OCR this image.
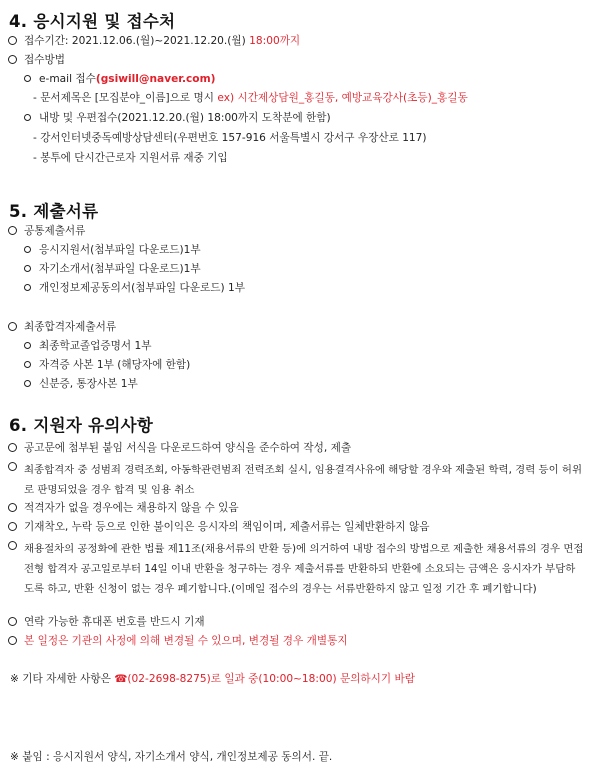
4. 응시지원 및 접수처
접수기간: 2021.12.06.(월)~2021.12.20.(월) 18:00까지
접수방법
e-mail 접수(gsiwill@naver.com)
- 문서제목은 [모집분야_이름]으로 명시 ex) 시간제상담원_홍길동, 예방교육강사(초등)_홍길동
내방 및 우편접수(2021.12.20.(월) 18:00까지 도착분에 한함)
- 강서인터넷중독예방상담센터(우편번호 157-916 서울특별시 강서구 우장산로 117)
- 봉투에 단시간근로자 지원서류 재중 기입
5. 제출서류
공통제출서류
응시지원서(첨부파일 다운로드)1부
자기소개서(첨부파일 다운로드)1부
개인정보제공동의서(첨부파일 다운로드) 1부
최종합격자제출서류
최종학교졸업증명서 1부
자격증 사본 1부 (해당자에 한함)
신분증, 통장사본 1부
6. 지원자 유의사항
공고문에 첨부된 붙임 서식을 다운로드하여 양식을 준수하여 작성, 제출
최종합격자 중 성범죄 경력조회, 아동학관련범죄 전력조회 실시, 임용결격사유에 해당할 경우와 제출된 학력, 경력 등이 허위로 판명되었을 경우 합격 및 임용 취소
적격자가 없을 경우에는 채용하지 않을 수 있음
기재착오, 누락 등으로 인한 불이익은 응시자의 책임이며, 제출서류는 일체반환하지 않음
채용절차의 공정화에 관한 법률 제11조(채용서류의 반환 등)에 의거하여 내방 접수의 방법으로 제출한 채용서류의 경우 면접전형 합격자 공고일로부터 14일 이내 반환을 청구하는 경우 제출서류를 반환하되 반환에 소요되는 금액은 응시자가 부담하도록 하고, 반환 신청이 없는 경우 폐기합니다.(이메일 접수의 경우는 서류반환하지 않고 일정 기간 후 폐기합니다)
연락 가능한 휴대폰 번호를 반드시 기재
본 일정은 기관의 사정에 의해 변경될 수 있으며, 변경될 경우 개별통지
※ 기타 자세한 사항은 ☎(02-2698-8275)로 일과 중(10:00~18:00) 문의하시기 바람
※ 붙임 : 응시지원서 양식, 자기소개서 양식, 개인정보제공 동의서. 끝.
